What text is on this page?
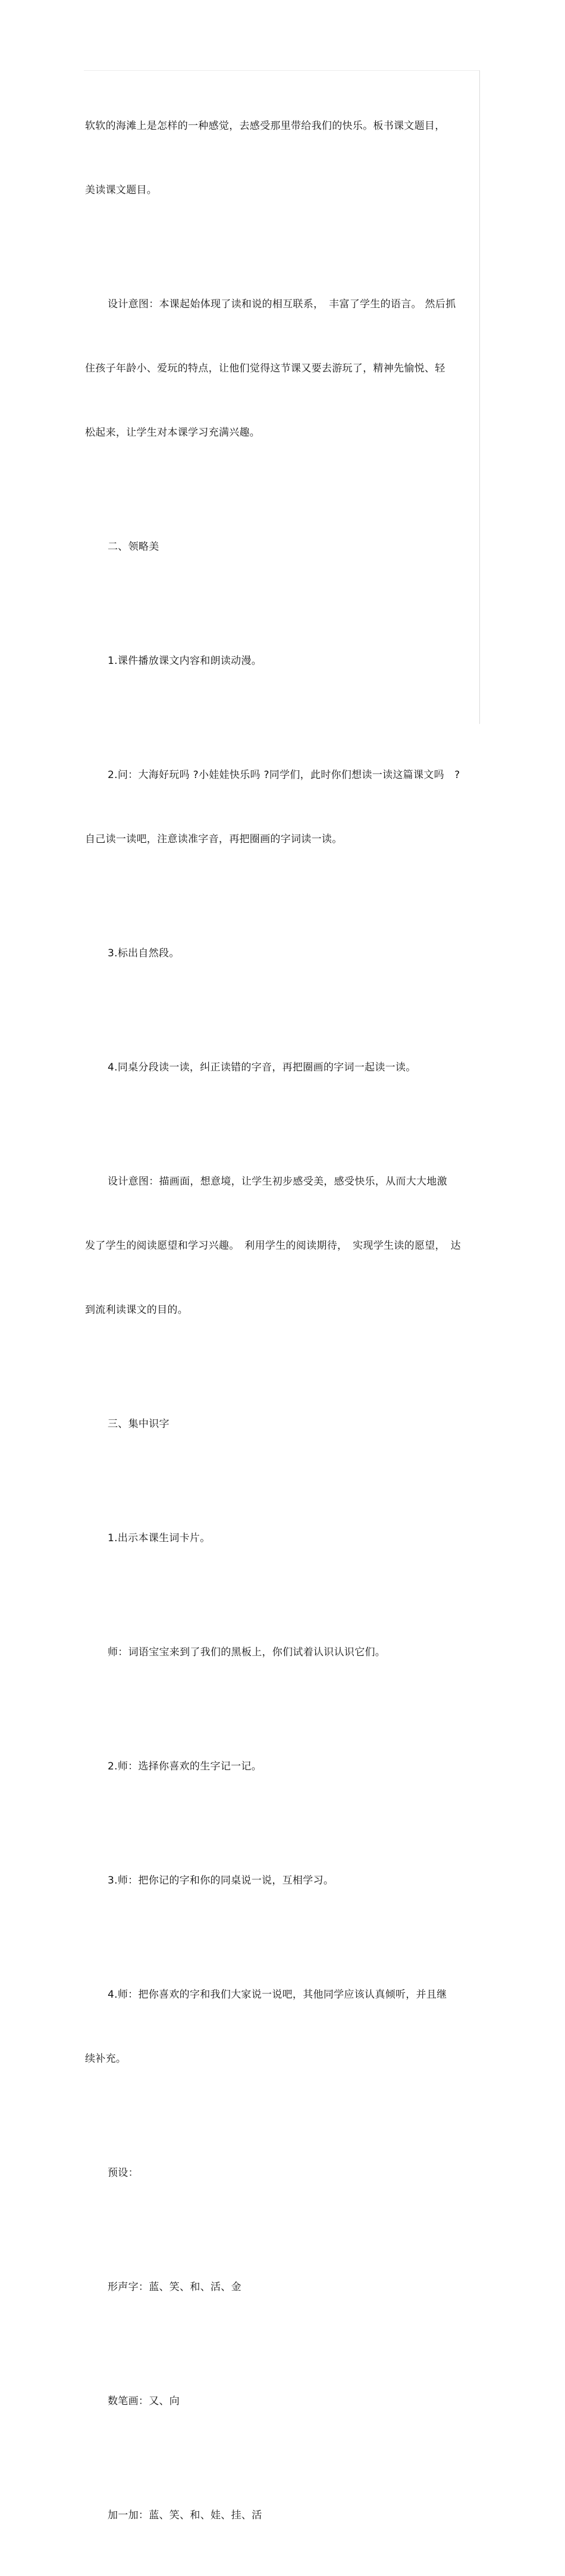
软软的海滩上是怎样的一种感觉，去感受那里带给我们的快乐。板书课文题目，

美读课文题目。

设计意图：本课起始体现了读和说的相互联系，　丰富了学生的语言。 然后抓

住孩子年龄小、爱玩的特点，让他们觉得这节课又要去游玩了，精神先愉悦、轻

松起来，让学生对本课学习充满兴趣。

二、领略美

1.课件播放课文内容和朗读动漫。

2.问：大海好玩吗 ?小娃娃快乐吗 ?同学们，此时你们想读一读这篇课文吗　?

自己读一读吧，注意读准字音，再把圈画的字词读一读。

3.标出自然段。

4.同桌分段读一读，纠正读错的字音，再把圈画的字词一起读一读。

设计意图：描画面，想意境，让学生初步感受美，感受快乐，从而大大地激

发了学生的阅读愿望和学习兴趣。　利用学生的阅读期待，　实现学生读的愿望，　达

到流利读课文的目的。

三、集中识字

1.出示本课生词卡片。

师：词语宝宝来到了我们的黑板上，你们试着认识认识它们。

2.师：选择你喜欢的生字记一记。

3.师：把你记的字和你的同桌说一说，互相学习。

4.师：把你喜欢的字和我们大家说一说吧，其他同学应该认真倾听，并且继

续补充。

预设：

形声字：蓝、笑、和、活、金

数笔画：又、向

加一加：蓝、笑、和、娃、挂、活
